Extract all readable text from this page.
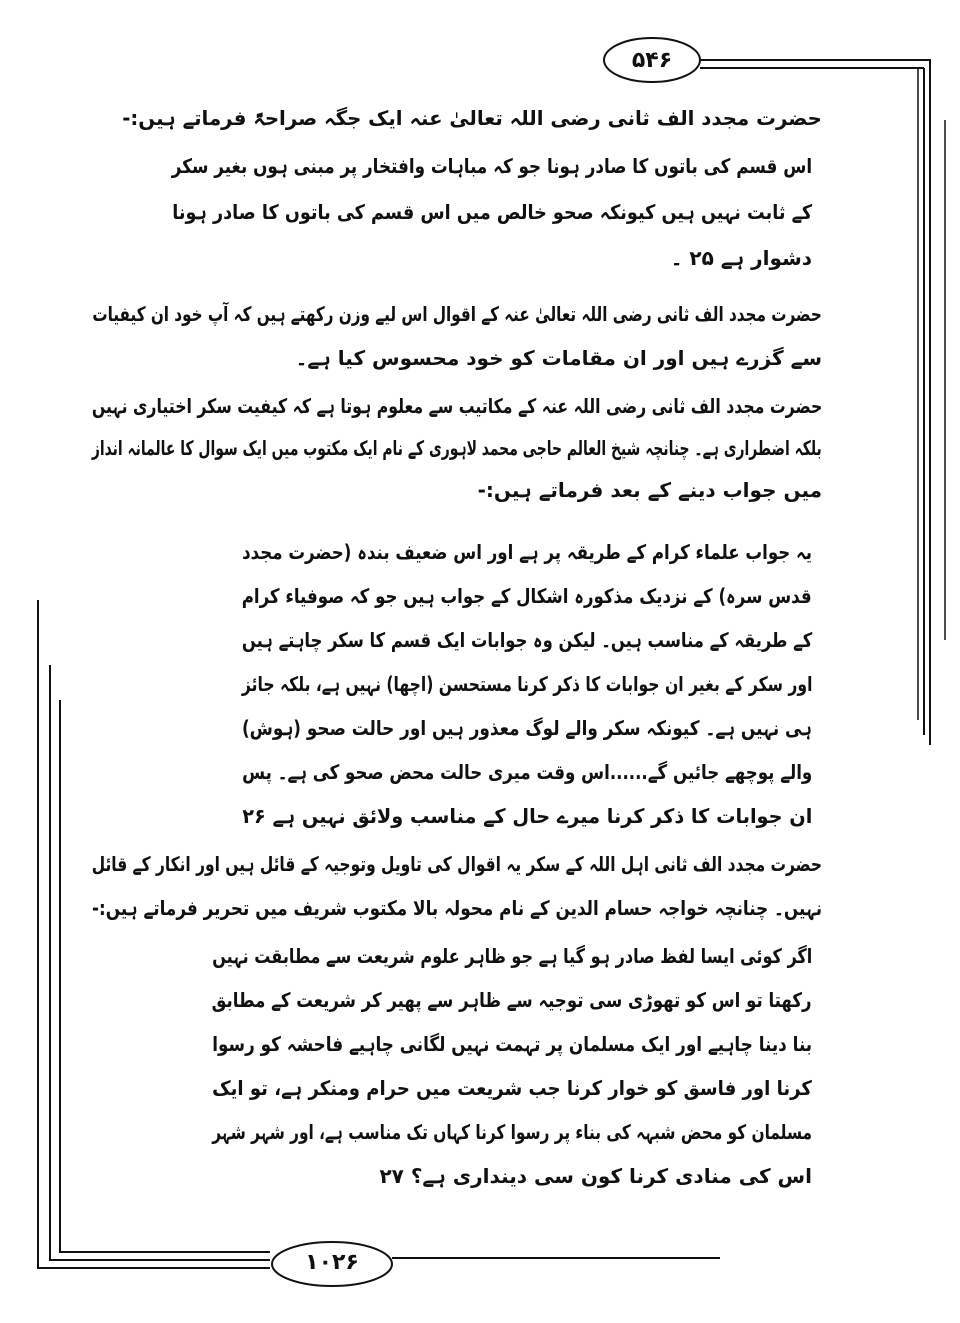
۵۴۶
۱۰۲۶
حضرت مجدد الف ثانی رضی اللہ تعالیٰ عنہ ایک جگہ صراحۃً فرماتے ہیں:-
اس قسم کی باتوں کا صادر ہونا جو کہ مباہات وافتخار پر مبنی ہوں بغیر سکر
کے ثابت نہیں ہیں کیونکہ صحو خالص میں اس قسم کی باتوں کا صادر ہونا
دشوار ہے ۲۵ ۔
حضرت مجدد الف ثانی رضی اللہ تعالیٰ عنہ کے اقوال اس لیے وزن رکھتے ہیں کہ آپ خود ان کیفیات
سے گزرے ہیں اور ان مقامات کو خود محسوس کیا ہے۔
حضرت مجدد الف ثانی رضی اللہ عنہ کے مکاتیب سے معلوم ہوتا ہے کہ کیفیت سکر اختیاری نہیں
بلکہ اضطراری ہے۔ چنانچہ شیخ العالم حاجی محمد لاہوری کے نام ایک مکتوب میں ایک سوال کا عالمانہ انداز
میں جواب دینے کے بعد فرماتے ہیں:-
یہ جواب علماء کرام کے طریقہ پر ہے اور اس ضعیف بندہ (حضرت مجدد
قدس سرہ) کے نزدیک مذکورہ اشکال کے جواب ہیں جو کہ صوفیاء کرام
کے طریقہ کے مناسب ہیں۔ لیکن وہ جوابات ایک قسم کا سکر چاہتے ہیں
اور سکر کے بغیر ان جوابات کا ذکر کرنا مستحسن (اچھا) نہیں ہے، بلکہ جائز
ہی نہیں ہے۔ کیونکہ سکر والے لوگ معذور ہیں اور حالت صحو (ہوش)
والے پوچھے جائیں گے......اس وقت میری حالت محض صحو کی ہے۔ پس
ان جوابات کا ذکر کرنا میرے حال کے مناسب ولائق نہیں ہے ۲۶
حضرت مجدد الف ثانی اہل اللہ کے سکر یہ اقوال کی تاویل وتوجیہ کے قائل ہیں اور انکار کے قائل
نہیں۔ چنانچہ خواجہ حسام الدین کے نام محولہ بالا مکتوب شریف میں تحریر فرماتے ہیں:-
اگر کوئی ایسا لفظ صادر ہو گیا ہے جو ظاہر علوم شریعت سے مطابقت نہیں
رکھتا تو اس کو تھوڑی سی توجیہ سے ظاہر سے پھیر کر شریعت کے مطابق
بنا دینا چاہیے اور ایک مسلمان پر تہمت نہیں لگانی چاہیے فاحشہ کو رسوا
کرنا اور فاسق کو خوار کرنا جب شریعت میں حرام ومنکر ہے، تو ایک
مسلمان کو محض شبہہ کی بناء پر رسوا کرنا کہاں تک مناسب ہے، اور شہر شہر
اس کی منادی کرنا کون سی دینداری ہے؟ ۲۷
